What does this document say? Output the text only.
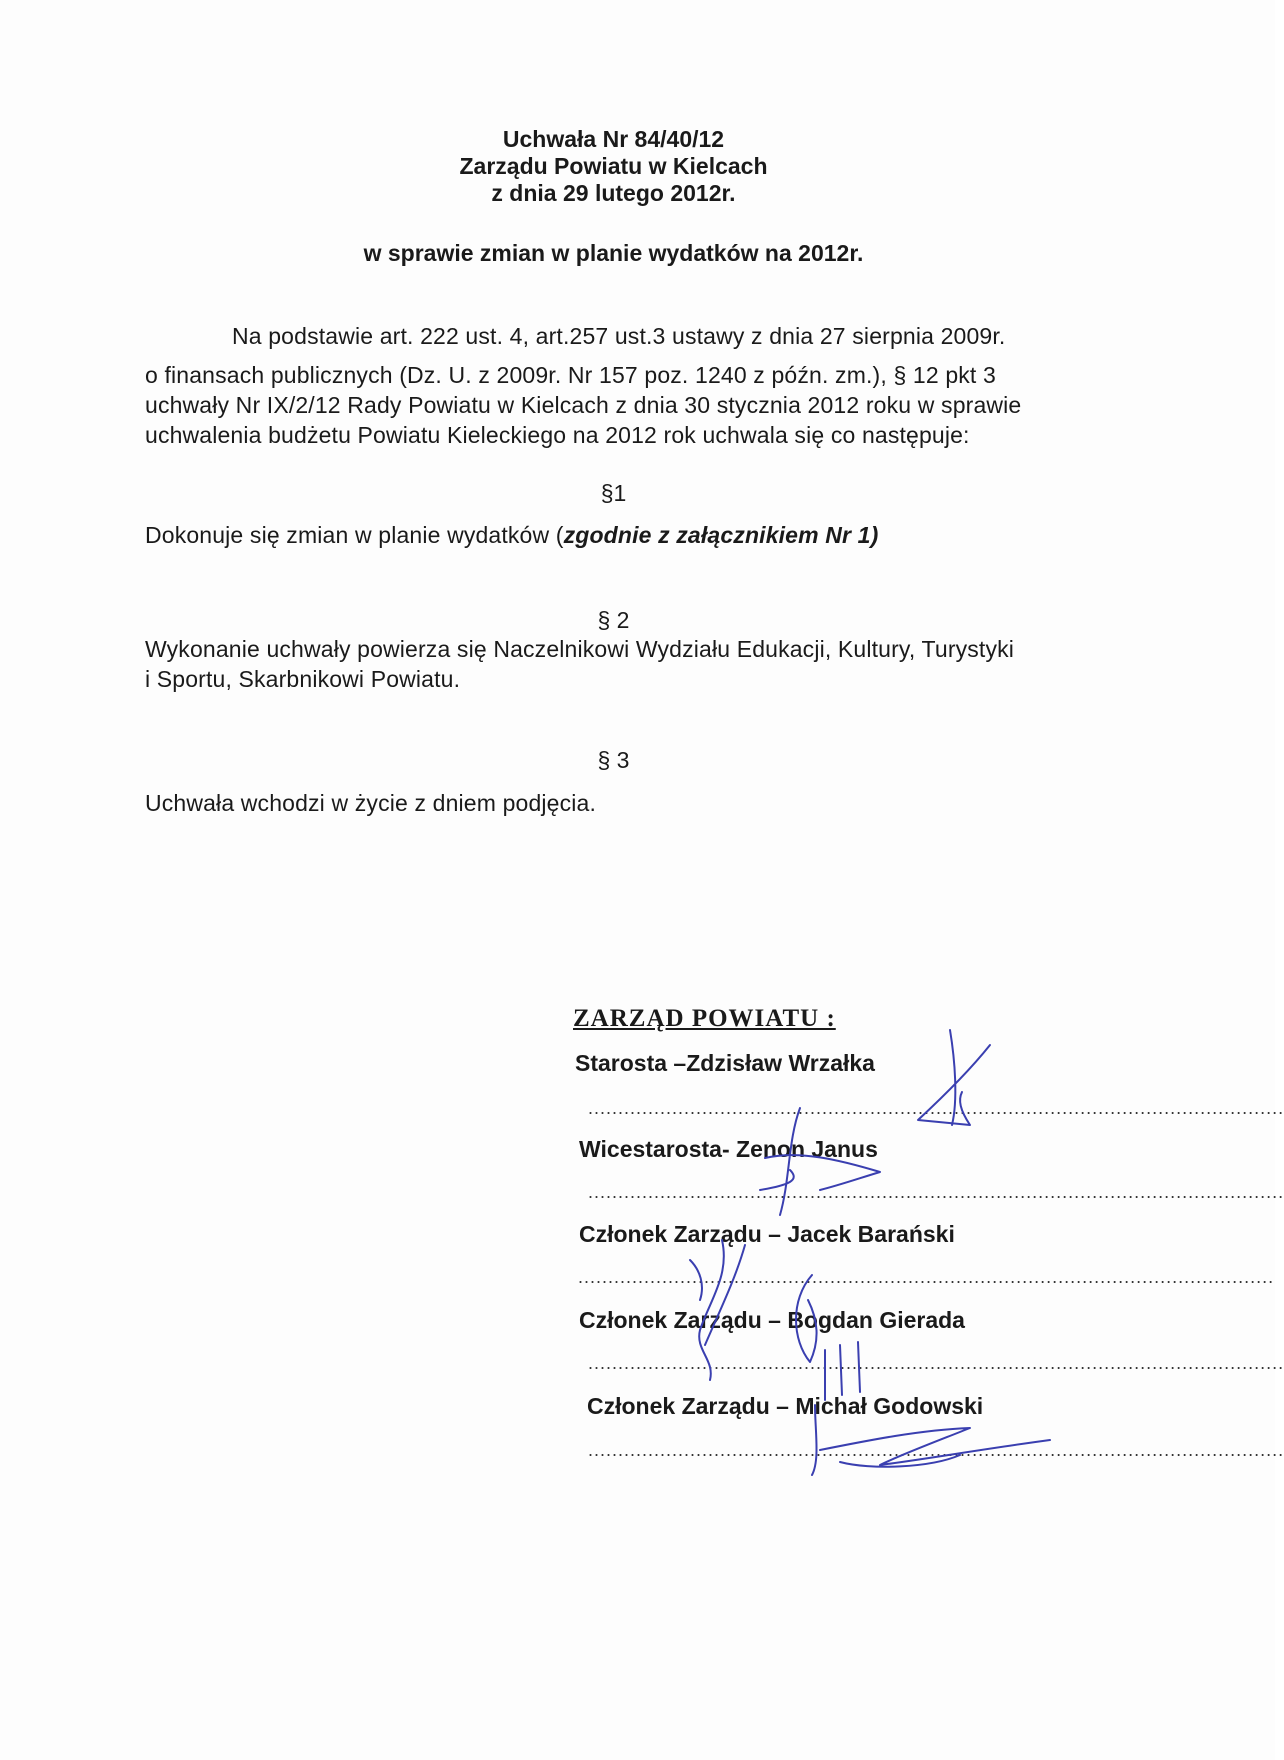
Uchwała Nr 84/40/12
Zarządu Powiatu w Kielcach
z dnia 29 lutego 2012r.
w sprawie zmian w planie wydatków na 2012r.
Na podstawie art. 222 ust. 4, art.257 ust.3 ustawy z dnia 27 sierpnia 2009r.
o finansach publicznych (Dz. U. z 2009r. Nr 157 poz. 1240 z późn. zm.), § 12 pkt 3
uchwały Nr IX/2/12 Rady Powiatu w Kielcach z dnia 30 stycznia 2012 roku w sprawie
uchwalenia budżetu Powiatu Kieleckiego na 2012 rok uchwala się co następuje:
§1
Dokonuje się zmian w planie wydatków (zgodnie z załącznikiem Nr 1)
§ 2
Wykonanie uchwały powierza się Naczelnikowi Wydziału Edukacji, Kultury, Turystyki
i Sportu, Skarbnikowi Powiatu.
§ 3
Uchwała wchodzi w życie z dniem podjęcia.
ZARZĄD POWIATU :
Starosta –Zdzisław Wrzałka
....................................................................................................................
Wicestarosta- Zenon Janus
....................................................................................................................
Członek Zarządu – Jacek Barański
....................................................................................................................
Członek Zarządu – Bogdan Gierada
....................................................................................................................
Członek Zarządu – Michał Godowski
....................................................................................................................
